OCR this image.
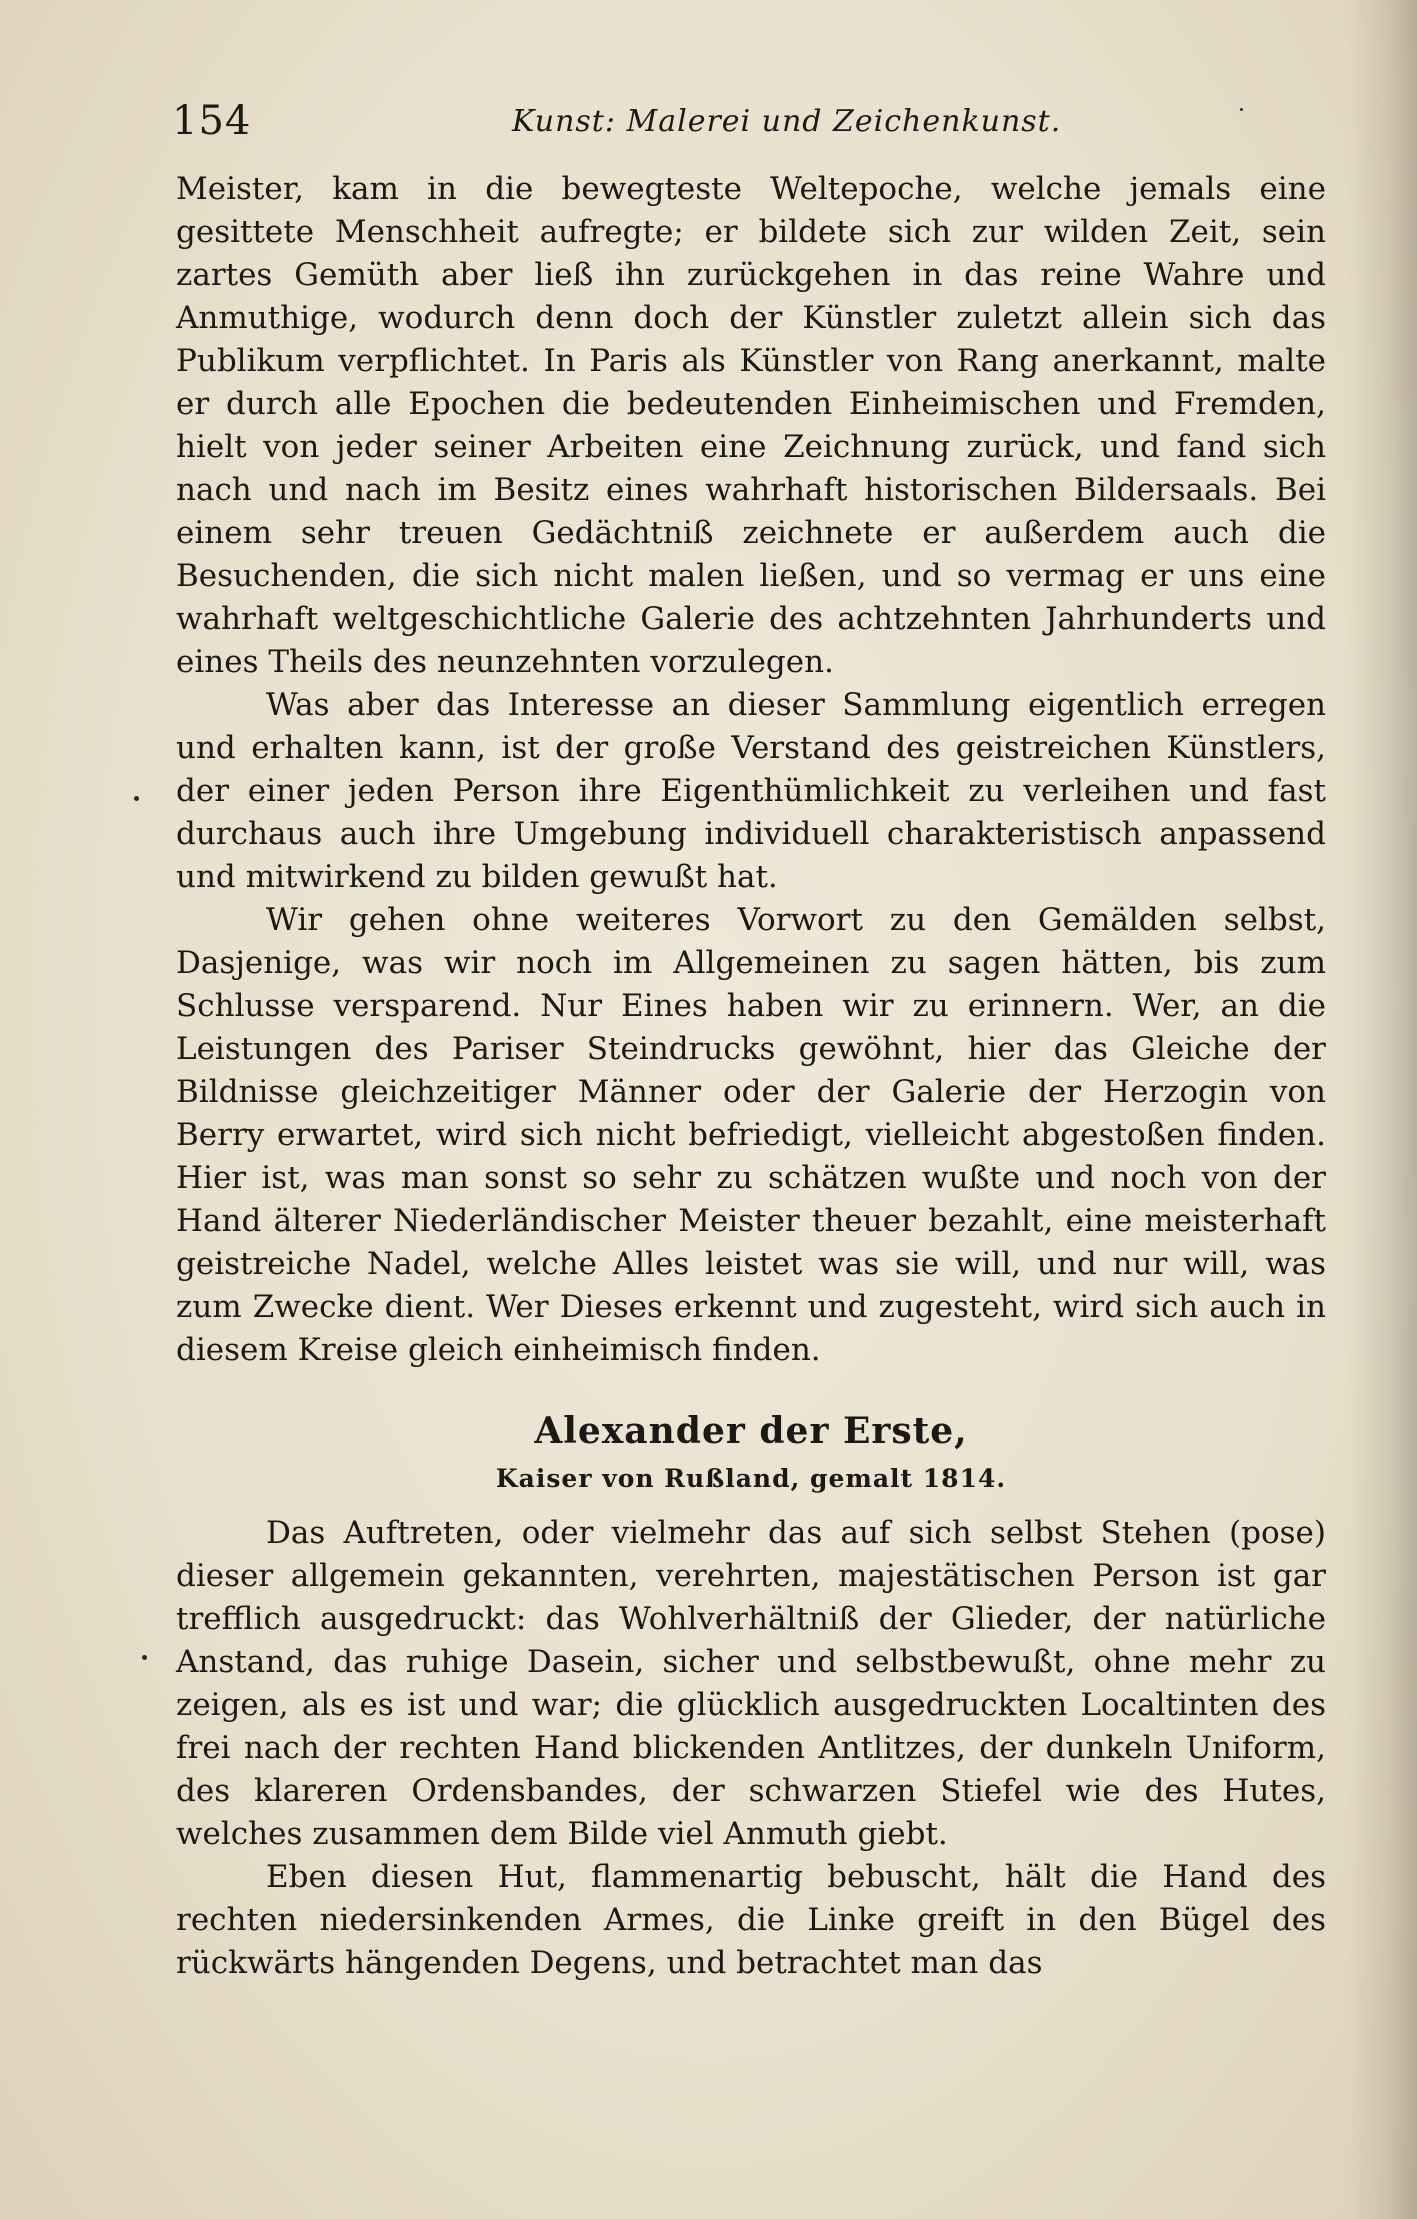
154	Kunst: Malerei und Zeichenkunst.

Meister, kam in die bewegteste Weltepoche, welche jemals eine gesittete Menschheit aufregte; er bildete sich zur wilden Zeit, sein zartes Gemüth aber ließ ihn zurückgehen in das reine Wahre und Anmuthige, wodurch denn doch der Künstler zuletzt allein sich das Publikum verpflichtet. In Paris als Künstler von Rang anerkannt, malte er durch alle Epochen die bedeutenden Einheimischen und Fremden, hielt von jeder seiner Arbeiten eine Zeichnung zurück, und fand sich nach und nach im Besitz eines wahrhaft historischen Bildersaals. Bei einem sehr treuen Gedächtniß zeichnete er außerdem auch die Besuchenden, die sich nicht malen ließen, und so vermag er uns eine wahrhaft weltgeschichtliche Galerie des achtzehnten Jahrhunderts und eines Theils des neunzehnten vorzulegen.

Was aber das Interesse an dieser Sammlung eigentlich erregen und erhalten kann, ist der große Verstand des geistreichen Künstlers, der einer jeden Person ihre Eigenthümlichkeit zu verleihen und fast durchaus auch ihre Umgebung individuell charakteristisch anpassend und mitwirkend zu bilden gewußt hat.

Wir gehen ohne weiteres Vorwort zu den Gemälden selbst, Dasjenige, was wir noch im Allgemeinen zu sagen hätten, bis zum Schlusse versparend. Nur Eines haben wir zu erinnern. Wer, an die Leistungen des Pariser Steindrucks gewöhnt, hier das Gleiche der Bildnisse gleichzeitiger Männer oder der Galerie der Herzogin von Berry erwartet, wird sich nicht befriedigt, vielleicht abgestoßen finden. Hier ist, was man sonst so sehr zu schätzen wußte und noch von der Hand älterer Niederländischer Meister theuer bezahlt, eine meisterhaft geistreiche Nadel, welche Alles leistet was sie will, und nur will, was zum Zwecke dient. Wer Dieses erkennt und zugesteht, wird sich auch in diesem Kreise gleich einheimisch finden.

Alexander der Erste,
Kaiser von Rußland, gemalt 1814.

Das Auftreten, oder vielmehr das auf sich selbst Stehen (pose) dieser allgemein gekannten, verehrten, majestätischen Person ist gar trefflich ausgedruckt: das Wohlverhältniß der Glieder, der natürliche Anstand, das ruhige Dasein, sicher und selbstbewußt, ohne mehr zu zeigen, als es ist und war; die glücklich ausgedruckten Localtinten des frei nach der rechten Hand blickenden Antlitzes, der dunkeln Uniform, des klareren Ordensbandes, der schwarzen Stiefel wie des Hutes, welches zusammen dem Bilde viel Anmuth giebt.

Eben diesen Hut, flammenartig bebuscht, hält die Hand des rechten niedersinkenden Armes, die Linke greift in den Bügel des rückwärts hängenden Degens, und betrachtet man das
